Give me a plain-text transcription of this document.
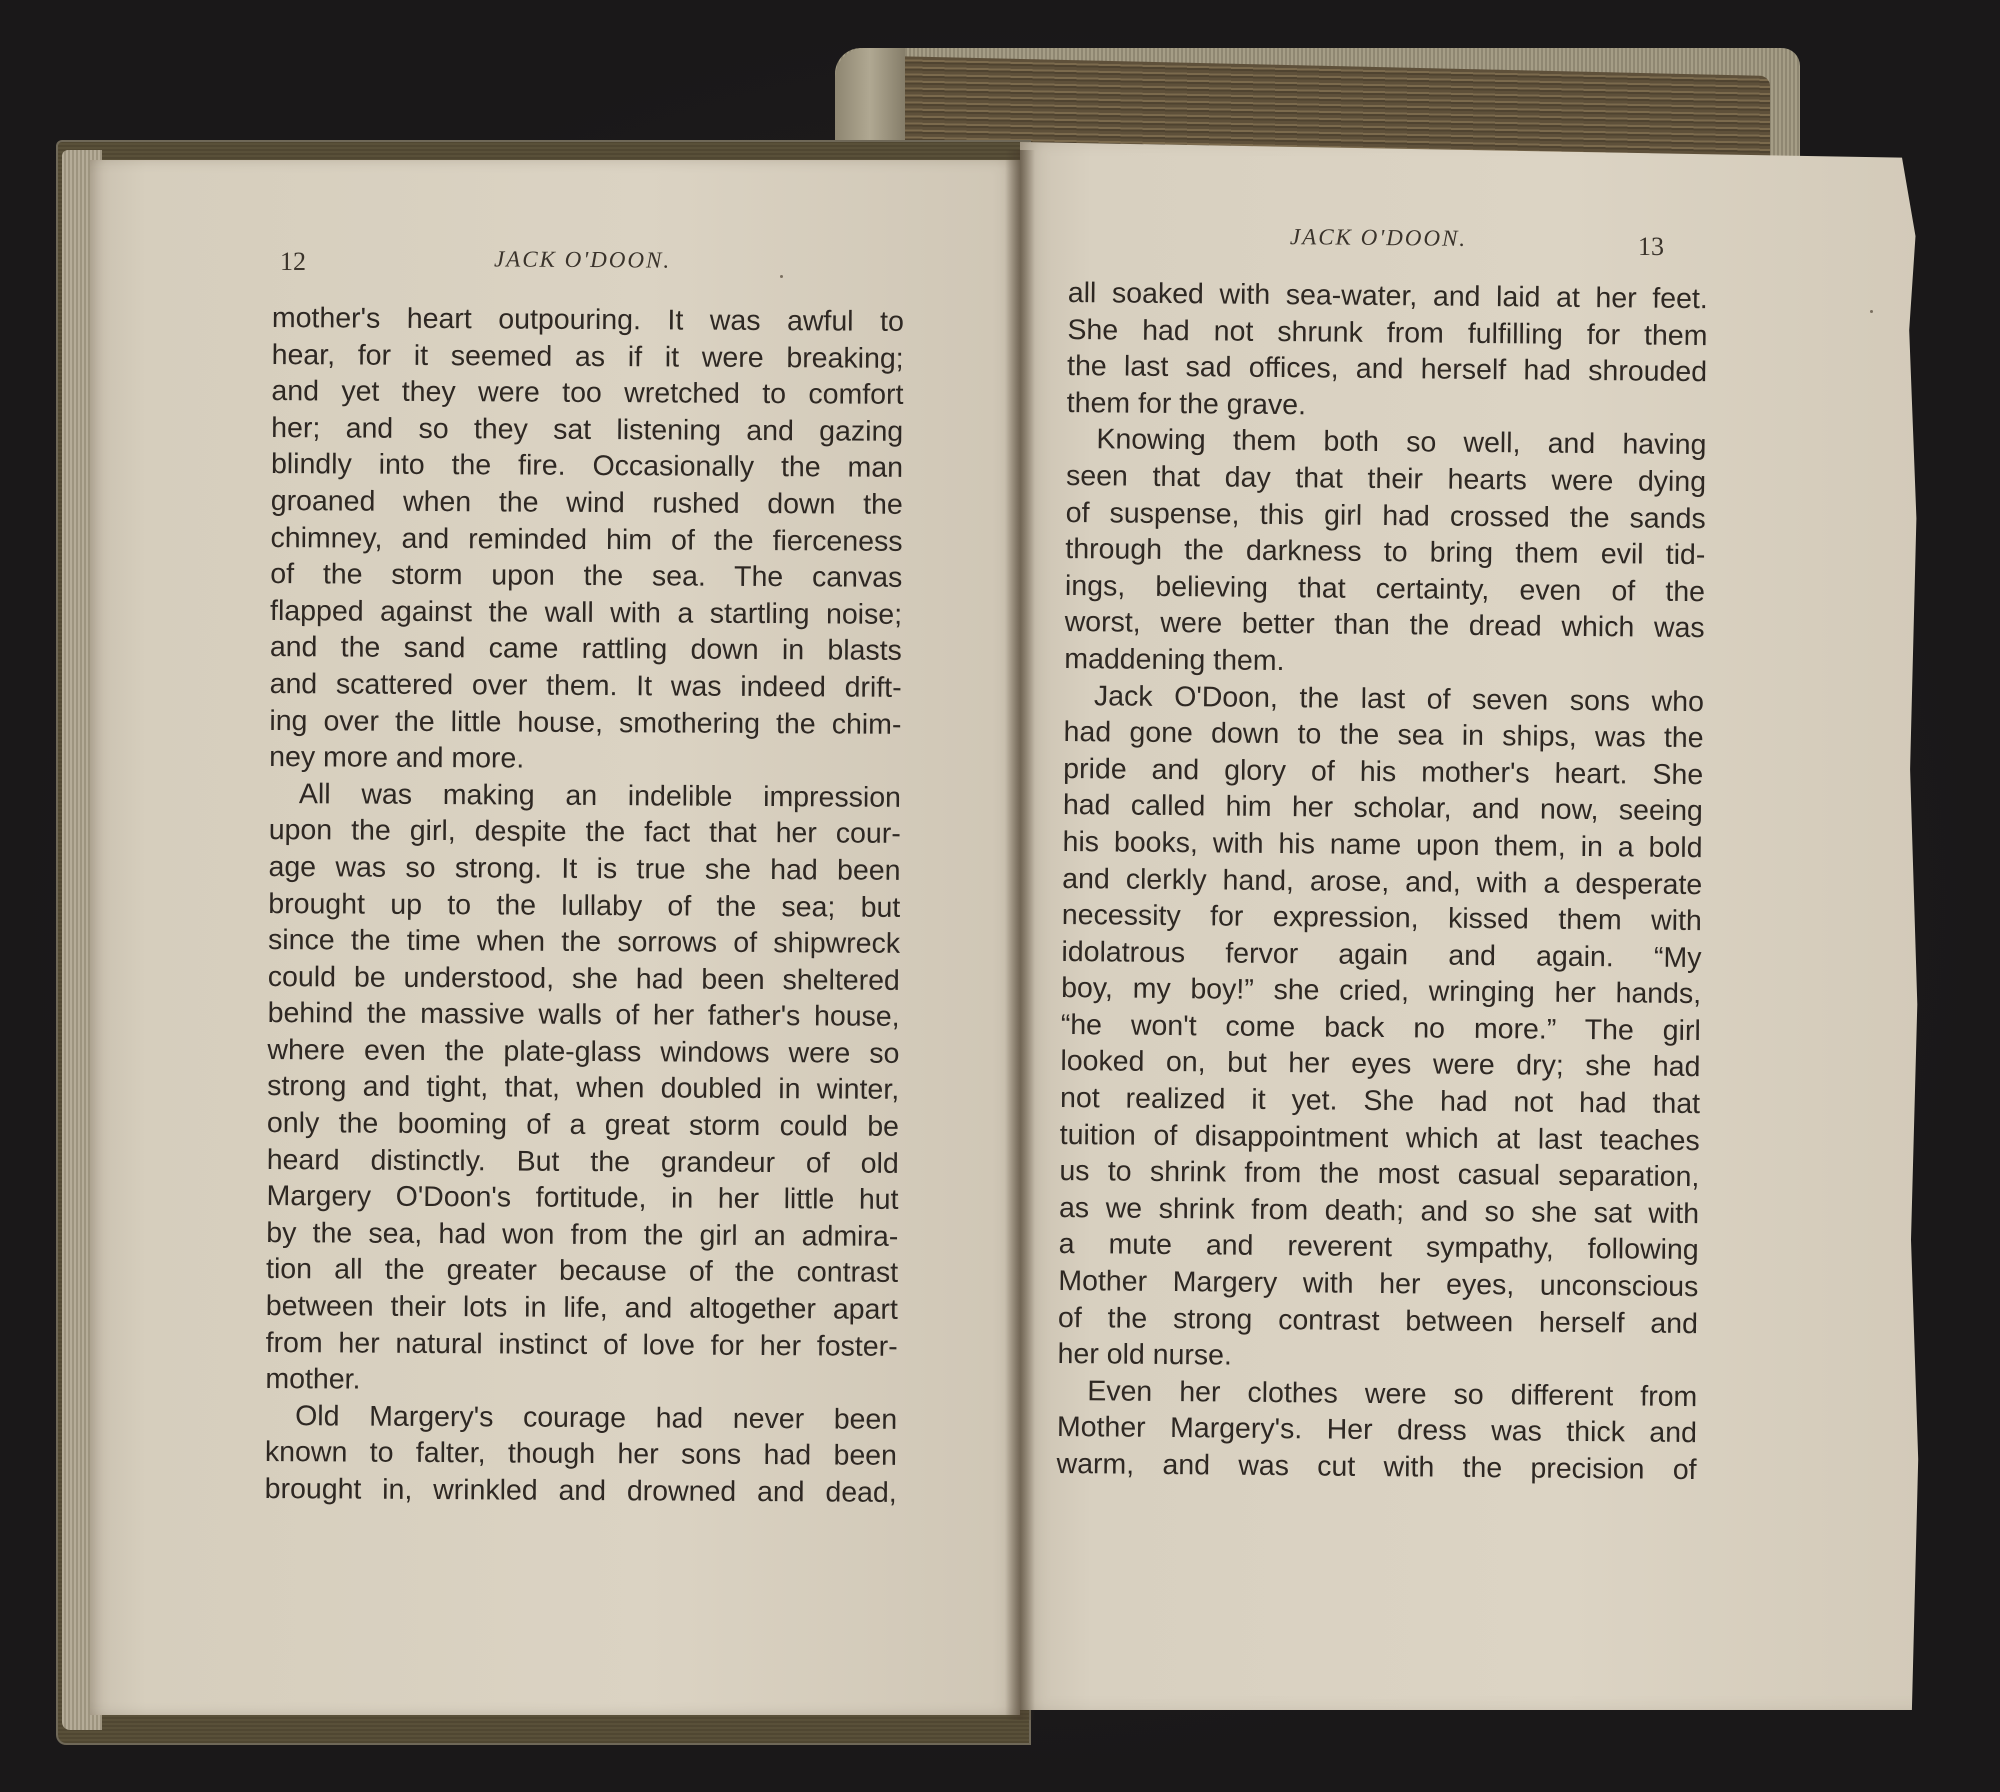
12	JACK O'DOON.
JACK O'DOON.	13
mother's heart outpouring. It was awful to
hear, for it seemed as if it were breaking;
and yet they were too wretched to comfort
her; and so they sat listening and gazing
blindly into the fire. Occasionally the man
groaned when the wind rushed down the
chimney, and reminded him of the fierceness
of the storm upon the sea. The canvas
flapped against the wall with a startling noise;
and the sand came rattling down in blasts
and scattered over them. It was indeed drift-
ing over the little house, smothering the chim-
ney more and more.
All was making an indelible impression
upon the girl, despite the fact that her cour-
age was so strong. It is true she had been
brought up to the lullaby of the sea; but
since the time when the sorrows of shipwreck
could be understood, she had been sheltered
behind the massive walls of her father's house,
where even the plate-glass windows were so
strong and tight, that, when doubled in winter,
only the booming of a great storm could be
heard distinctly. But the grandeur of old
Margery O'Doon's fortitude, in her little hut
by the sea, had won from the girl an admira-
tion all the greater because of the contrast
between their lots in life, and altogether apart
from her natural instinct of love for her foster-
mother.
Old Margery's courage had never been
known to falter, though her sons had been
brought in, wrinkled and drowned and dead,
all soaked with sea-water, and laid at her feet.
She had not shrunk from fulfilling for them
the last sad offices, and herself had shrouded
them for the grave.
Knowing them both so well, and having
seen that day that their hearts were dying
of suspense, this girl had crossed the sands
through the darkness to bring them evil tid-
ings, believing that certainty, even of the
worst, were better than the dread which was
maddening them.
Jack O'Doon, the last of seven sons who
had gone down to the sea in ships, was the
pride and glory of his mother's heart. She
had called him her scholar, and now, seeing
his books, with his name upon them, in a bold
and clerkly hand, arose, and, with a desperate
necessity for expression, kissed them with
idolatrous fervor again and again. “My
boy, my boy!” she cried, wringing her hands,
“he won't come back no more.” The girl
looked on, but her eyes were dry; she had
not realized it yet. She had not had that
tuition of disappointment which at last teaches
us to shrink from the most casual separation,
as we shrink from death; and so she sat with
a mute and reverent sympathy, following
Mother Margery with her eyes, unconscious
of the strong contrast between herself and
her old nurse.
Even her clothes were so different from
Mother Margery's. Her dress was thick and
warm, and was cut with the precision of
